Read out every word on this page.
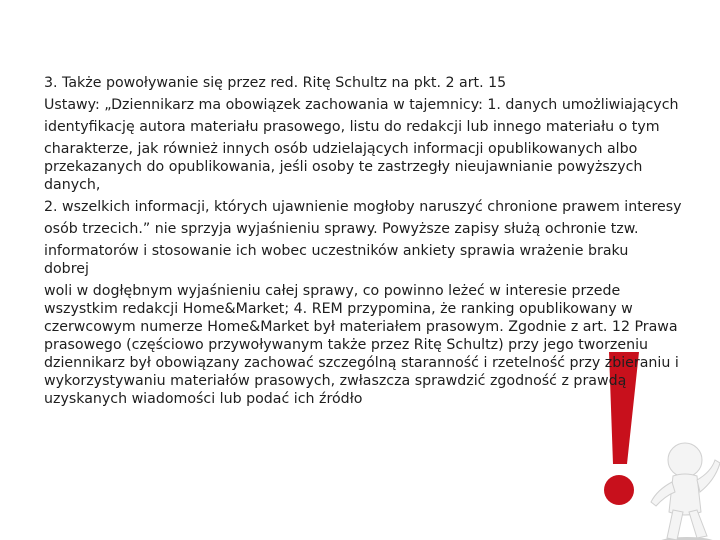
3. Także powoływanie się przez red. Ritę Schultz na pkt. 2 art. 15

Ustawy: „Dziennikarz ma obowiązek zachowania w tajemnicy: 1. danych umożliwiających

identyfikację autora materiału prasowego, listu do redakcji lub innego materiału o tym

charakterze, jak również innych osób udzielających informacji opublikowanych albo

przekazanych do opublikowania, jeśli osoby te zastrzegły nieujawnianie powyższych

danych,

2. wszelkich informacji, których ujawnienie mogłoby naruszyć chronione prawem interesy

osób trzecich.” nie sprzyja wyjaśnieniu sprawy. Powyższe zapisy służą ochronie tzw.

informatorów i stosowanie ich wobec uczestników ankiety sprawia wrażenie braku

dobrej

woli w dogłębnym wyjaśnieniu całej sprawy, co powinno leżeć w interesie przede

wszystkim redakcji Home&Market; 4. REM przypomina, że ranking opublikowany w

czerwcowym numerze Home&Market był materiałem prasowym. Zgodnie z art. 12 Prawa

prasowego (częściowo przywoływanym także przez Ritę Schultz) przy jego tworzeniu

dziennikarz był obowiązany zachować szczególną staranność i rzetelność przy zbieraniu i

wykorzystywaniu materiałów prasowych, zwłaszcza sprawdzić zgodność z prawdą

uzyskanych wiadomości lub podać ich źródło
